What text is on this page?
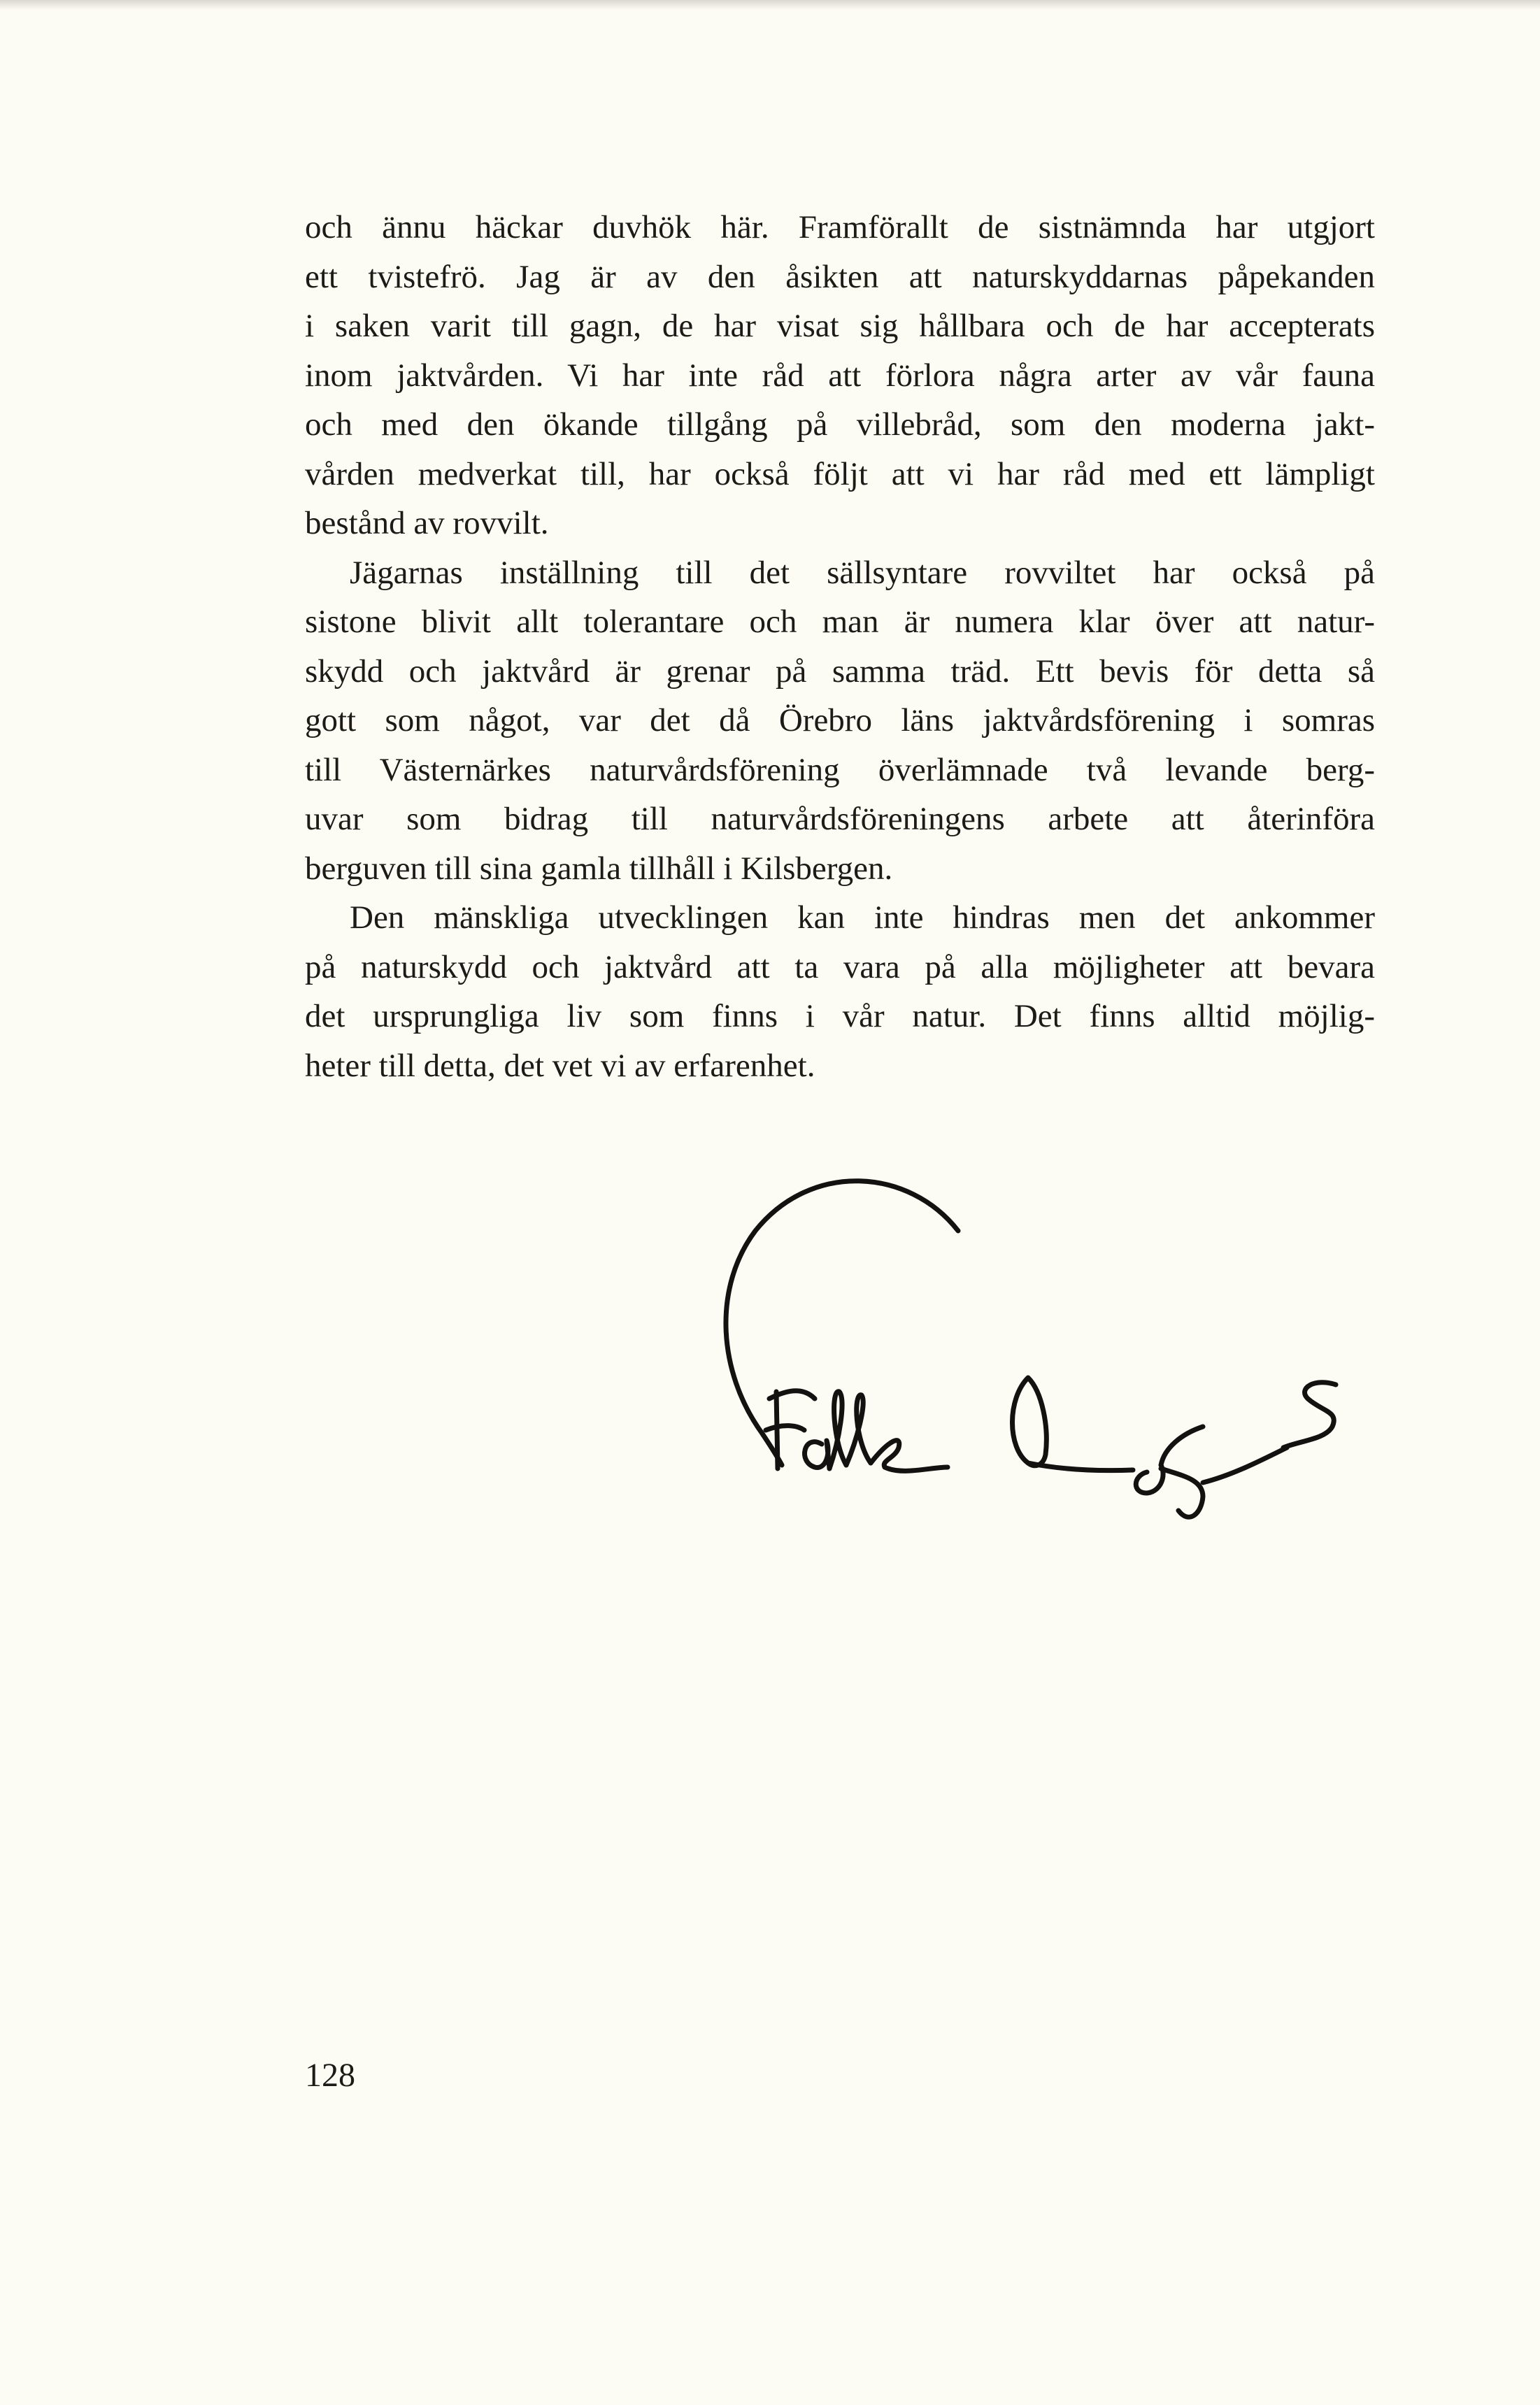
och ännu häckar duvhök här. Framförallt de sistnämnda har utgjort
ett tvistefrö. Jag är av den åsikten att naturskyddarnas påpekanden
i saken varit till gagn, de har visat sig hållbara och de har accepterats
inom jaktvården. Vi har inte råd att förlora några arter av vår fauna
och med den ökande tillgång på villebråd, som den moderna jakt-
vården medverkat till, har också följt att vi har råd med ett lämpligt
bestånd av rovvilt.
Jägarnas inställning till det sällsyntare rovviltet har också på
sistone blivit allt tolerantare och man är numera klar över att natur-
skydd och jaktvård är grenar på samma träd. Ett bevis för detta så
gott som något, var det då Örebro läns jaktvårdsförening i somras
till Västernärkes naturvårdsförening överlämnade två levande berg-
uvar som bidrag till naturvårdsföreningens arbete att återinföra
berguven till sina gamla tillhåll i Kilsbergen.
Den mänskliga utvecklingen kan inte hindras men det ankommer
på naturskydd och jaktvård att ta vara på alla möjligheter att bevara
det ursprungliga liv som finns i vår natur. Det finns alltid möjlig-
heter till detta, det vet vi av erfarenhet.
128
